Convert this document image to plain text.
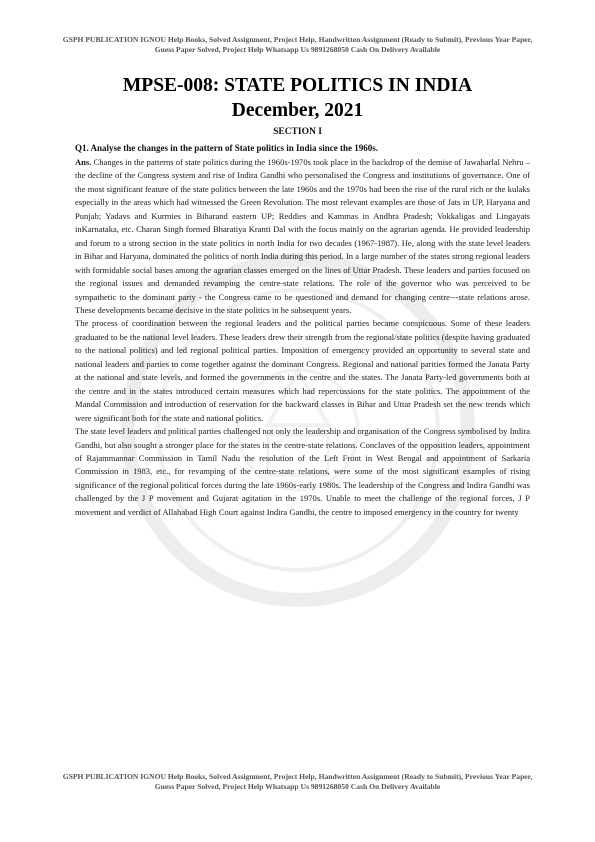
GSPH PUBLICATION IGNOU Help Books, Solved Assignment, Project Help, Handwritten Assignment (Ready to Submit), Previous Year Paper, Guess Paper Solved, Project Help Whatsapp Us 9891268050 Cash On Delivery Available
MPSE-008: STATE POLITICS IN INDIA
December, 2021
SECTION I
Q1. Analyse the changes in the pattern of State politics in India since the 1960s.

Ans. Changes in the patterns of state politics during the 1960s-1970s took place in the backdrop of the demise of Jawaharlal Nehru – the decline of the Congress system and rise of Indira Gandhi who personalised the Congress and institutions of governance. One of the most significant feature of the state politics between the late 1960s and the 1970s had been the rise of the rural rich or the kulaks especially in the areas which had witnessed the Green Revolution. The most relevant examples are those of Jats in UP, Haryana and Punjab; Yadavs and Kurmies in Biharand eastern UP; Reddies and Kammas in Andhra Pradesh; Vokkaligas and Lingayats inKarnataka, etc. Charan Singh formed Bharatiya Kranti Dal with the focus mainly on the agrarian agenda. He provided leadership and forum to a strong section in the state politics in north India for two decades (1967-1987). He, along with the state level leaders in Bihar and Haryana, dominated the politics of north India during this period. In a large number of the states strong regional leaders with formidable social bases among the agrarian classes emerged on the lines of Uttar Pradesh. These leaders and parties focused on the regional issues and demanded revamping the centre-state relations. The role of the governor who was perceived to be sympathetic to the dominant party - the Congress came to be questioned and demand for changing centre---state relations arose. These developments became decisive in the state politics in he subsequent years.

The process of coordination between the regional leaders and the political parties became conspicuous. Some of these leaders graduated to be the national level leaders. These leaders drew their strength from the regional/state politics (despite having graduated to the national politics) and led regional political parties. Imposition of emergency provided an opportunity to several state and national leaders and parties to come together against the dominant Congress. Regional and national parities formed the Janata Party at the national and state levels, and formed the governments in the centre and the states. The Janata Party-led governments both at the centre and in the states introduced certain measures which had repercussions for the state politics. The appointment of the Mandal Commission and introduction of reservation for the backward classes in Bihar and Uttar Pradesh set the new trends which were significant both for the state and national politics.

The state level leaders and political parties challenged not only the leadership and organisation of the Congress symbolised by Indira Gandhi, but also sought a stronger place for the states in the centre-state relations. Conclaves of the opposition leaders, appointment of Rajammannar Commission in Tamil Nadu the resolution of the Left Front in West Bengal and appointment of Sarkaria Commission in 1983, etc., for revamping of the centre-state relations, were some of the most significant examples of rising significance of the regional political forces during the late 1960s-early 1980s. The leadership of the Congress and Indira Gandhi was challenged by the J P movement and Gujarat agitation in the 1970s. Unable to meet the challenge of the regional forces, J P movement and verdict of Allahabad High Court against Indira Gandhi, the centre to imposed emergency in the country for twenty

GSPH PUBLICATION IGNOU Help Books, Solved Assignment, Project Help, Handwritten Assignment (Ready to Submit), Previous Year Paper, Guess Paper Solved, Project Help Whatsapp Us 9891268050 Cash On Delivery Available
